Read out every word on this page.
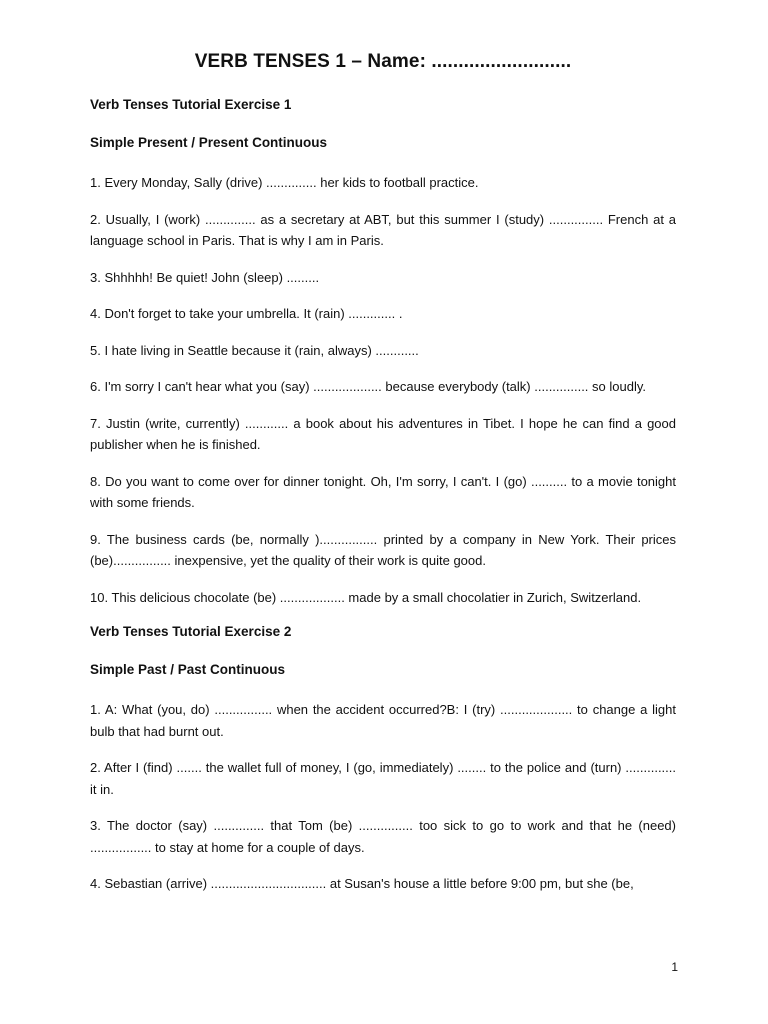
VERB TENSES 1 – Name: ..........................
Verb Tenses Tutorial Exercise 1
Simple Present / Present Continuous
1. Every Monday, Sally (drive) .............. her kids to football practice.
2. Usually, I (work) .............. as a secretary at ABT, but this summer I (study) ............... French at a language school in Paris. That is why I am in Paris.
3. Shhhhh! Be quiet! John (sleep) .........
4. Don't forget to take your umbrella. It (rain) ............. .
5. I hate living in Seattle because it (rain, always) ............
6. I'm sorry I can't hear what you (say) ................... because everybody (talk) ............... so loudly.
7. Justin (write, currently) ............ a book about his adventures in Tibet. I hope he can find a good publisher when he is finished.
8. Do you want to come over for dinner tonight. Oh, I'm sorry, I can't. I (go) .......... to a movie tonight with some friends.
9. The business cards (be, normally )................ printed by a company in New York. Their prices (be)................ inexpensive, yet the quality of their work is quite good.
10. This delicious chocolate (be) .................. made by a small chocolatier in Zurich, Switzerland.
Verb Tenses Tutorial Exercise 2
Simple Past / Past Continuous
1. A: What (you, do) ................ when the accident occurred?B: I (try) .................... to change a light bulb that had burnt out.
2. After I (find) ....... the wallet full of money, I (go, immediately) ........ to the police and (turn) .............. it in.
3. The doctor (say) .............. that Tom (be) ............... too sick to go to work and that he (need) ................. to stay at home for a couple of days.
4. Sebastian (arrive) ................................ at Susan's house a little before 9:00 pm, but she (be,
1
